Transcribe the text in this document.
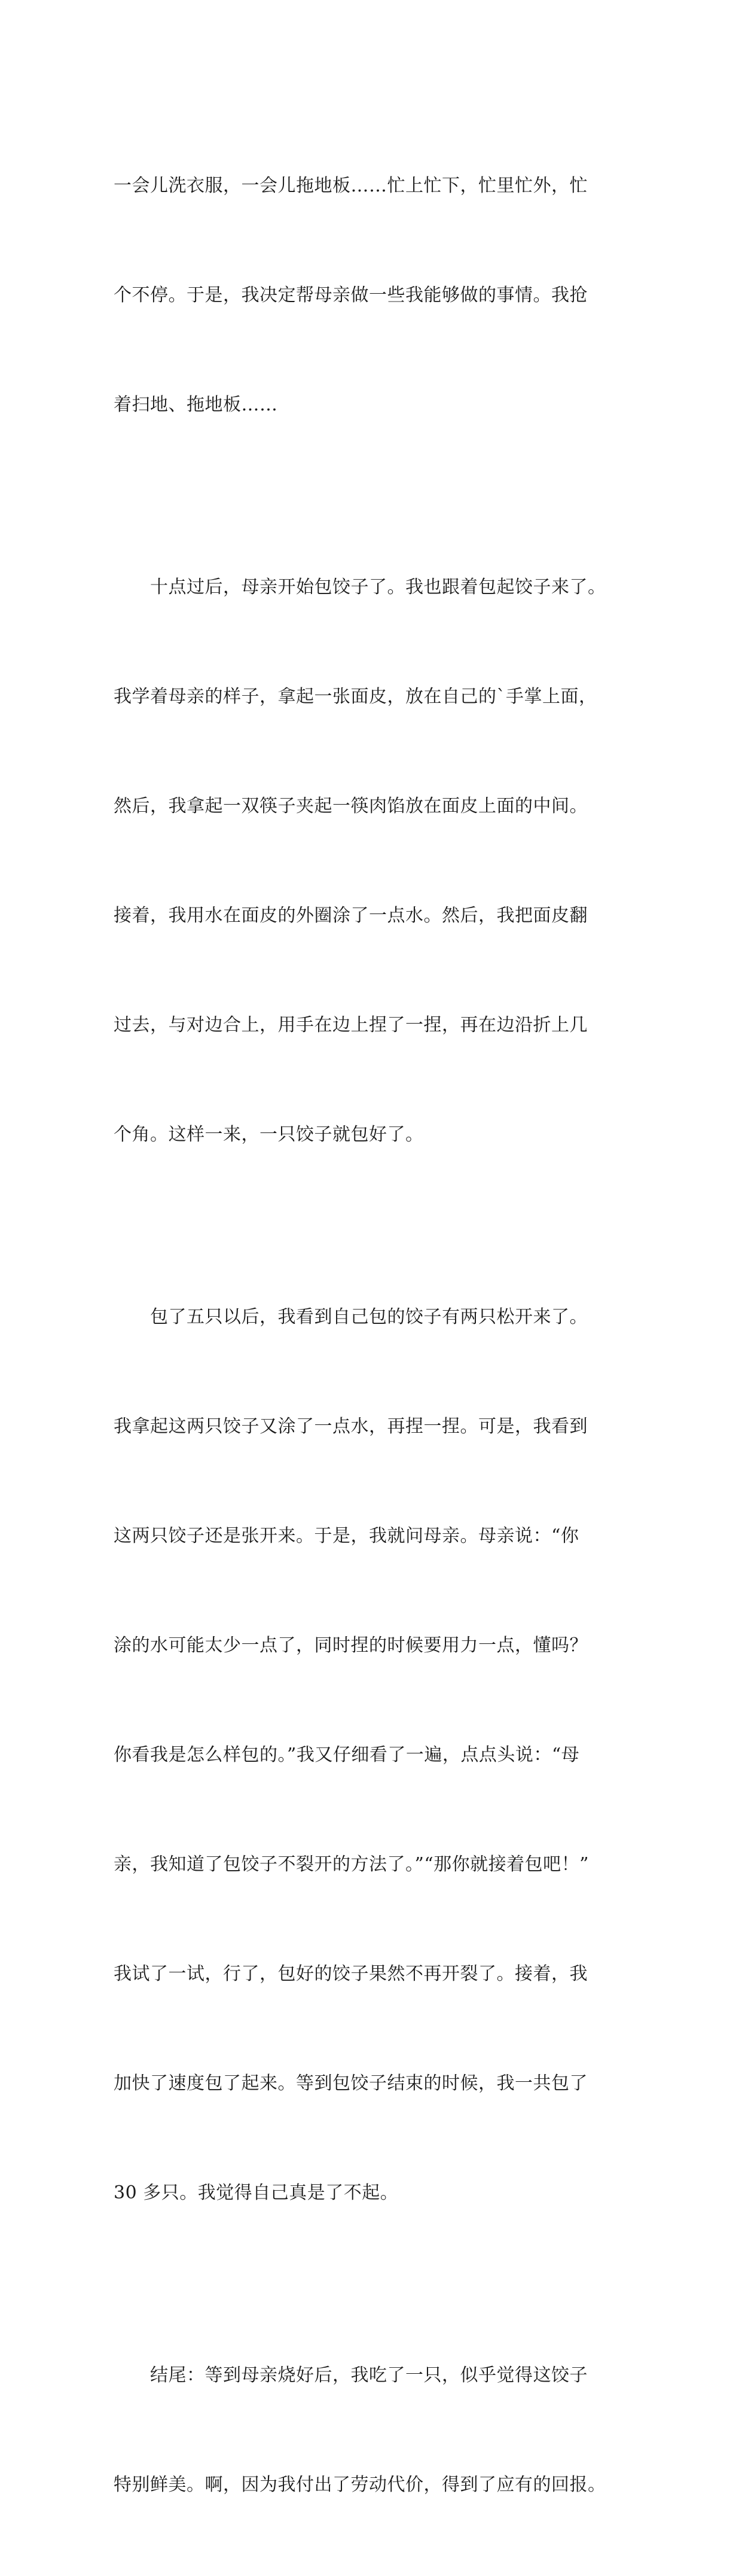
一会儿洗衣服，一会儿拖地板……忙上忙下，忙里忙外，忙

个不停。于是，我决定帮母亲做一些我能够做的事情。我抢

着扫地、拖地板……

　　十点过后，母亲开始包饺子了。我也跟着包起饺子来了。

我学着母亲的样子，拿起一张面皮，放在自己的`手掌上面，

然后，我拿起一双筷子夹起一筷肉馅放在面皮上面的中间。

接着，我用水在面皮的外圈涂了一点水。然后，我把面皮翻

过去，与对边合上，用手在边上捏了一捏，再在边沿折上几

个角。这样一来，一只饺子就包好了。

　　包了五只以后，我看到自己包的饺子有两只松开来了。

我拿起这两只饺子又涂了一点水，再捏一捏。可是，我看到

这两只饺子还是张开来。于是，我就问母亲。母亲说：“你

涂的水可能太少一点了，同时捏的时候要用力一点，懂吗？

你看我是怎么样包的。”我又仔细看了一遍，点点头说：“母

亲，我知道了包饺子不裂开的方法了。”“那你就接着包吧！”

我试了一试，行了，包好的饺子果然不再开裂了。接着，我

加快了速度包了起来。等到包饺子结束的时候，我一共包了

30 多只。我觉得自己真是了不起。

　　结尾：等到母亲烧好后，我吃了一只，似乎觉得这饺子

特别鲜美。啊，因为我付出了劳动代价，得到了应有的回报。
